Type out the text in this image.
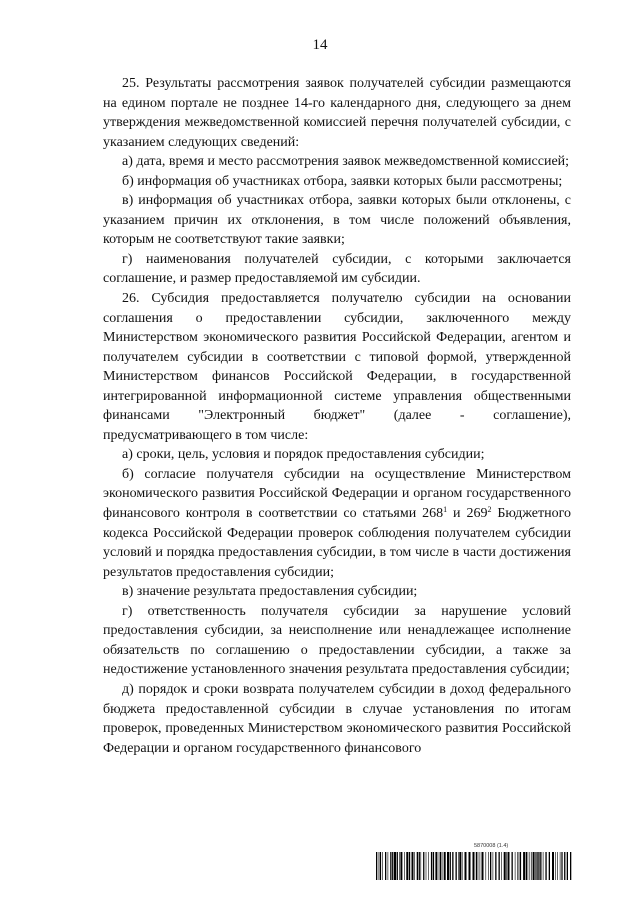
14

25. Результаты рассмотрения заявок получателей субсидии размещаются на едином портале не позднее 14-го календарного дня, следующего за днем утверждения межведомственной комиссией перечня получателей субсидии, с указанием следующих сведений:

а) дата, время и место рассмотрения заявок межведомственной комиссией;

б) информация об участниках отбора, заявки которых были рассмотрены;

в) информация об участниках отбора, заявки которых были отклонены, с указанием причин их отклонения, в том числе положений объявления, которым не соответствуют такие заявки;

г) наименования получателей субсидии, с которыми заключается соглашение, и размер предоставляемой им субсидии.

26. Субсидия предоставляется получателю субсидии на основании соглашения о предоставлении субсидии, заключенного между Министерством экономического развития Российской Федерации, агентом и получателем субсидии в соответствии с типовой формой, утвержденной Министерством финансов Российской Федерации, в государственной интегрированной информационной системе управления общественными финансами "Электронный бюджет" (далее - соглашение), предусматривающего в том числе:

а) сроки, цель, условия и порядок предоставления субсидии;

б) согласие получателя субсидии на осуществление Министерством экономического развития Российской Федерации и органом государственного финансового контроля в соответствии со статьями $268^1$ и $269^2$ Бюджетного кодекса Российской Федерации проверок соблюдения получателем субсидии условий и порядка предоставления субсидии, в том числе в части достижения результатов предоставления субсидии;

в) значение результата предоставления субсидии;

г) ответственность получателя субсидии за нарушение условий предоставления субсидии, за неисполнение или ненадлежащее исполнение обязательств по соглашению о предоставлении субсидии, а также за недостижение установленного значения результата предоставления субсидии;

д) порядок и сроки возврата получателем субсидии в доход федерального бюджета предоставленной субсидии в случае установления по итогам проверок, проведенных Министерством экономического развития Российской Федерации и органом государственного финансового

5870008 (1.4)
